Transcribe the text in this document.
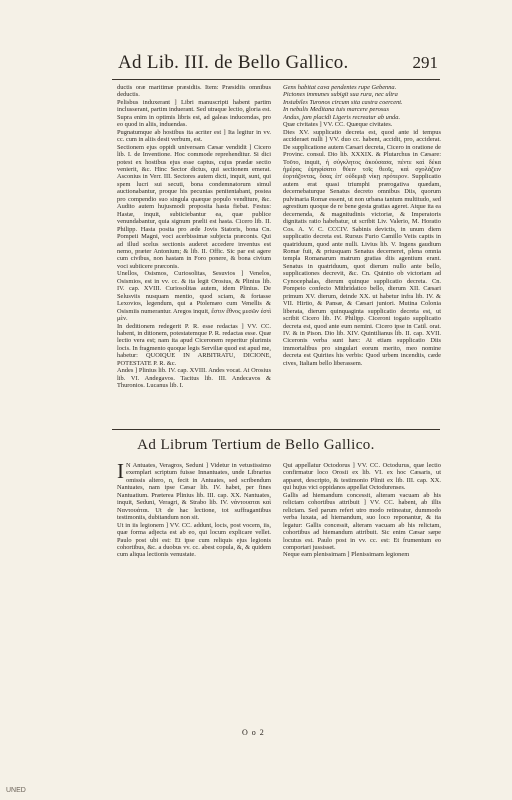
Ad Lib. III. de Bello Gallico.	291
ductis oræ maritimæ præsidiis. Item: Præsidiis omnibus deductis.
Pelisbus induxerant ] Libri manuscripti habent partim inclusserant, partim induerant. Sed utraque lectio, gloria est. Supra enim in optimis libris est, ad galeas inducendas, pro eo quod in aliis, induendas.
Pugnatumque ab hostibus ita acriter est ] Ita legitur in vv. cc. cum in aliis desit verbum, est.
Sectionem ejus oppidi universam Cæsar vendidit ] Cicero lib. I. de Inventione. Hoc commode reprehenditur. Si dici potest ex hostibus ejus esse captus, cujus prædæ sectio venierit, &c. Hinc Sector dictus, qui sectionem emerat. Asconius in Verr. III. Sectores autem dicti, inquit, sunt, qui spem lucri sui secuti, bona condemnatorum simul auctionabantur, proque his pecunias penitentabant, postea pro compendio suo singula quæque populo venditure, &c. Audito autem hujusmodi proposita hasta fiebat. Festus: Hastæ, inquit, subiiciebantur ea, quæ publice venundabantur, quia signum prælii est hasta. Cicero lib. II. Philipp. Hasta posita pro æde Jovis Statoris, bona Cn. Pompeii Magni, voci acerbissimæ subjecta præconis. Qui ad illud scelus sectionis auderet accedere inventus est nemo, præter Antonium; & lib. II. Offic. Sic par est agere cum civibus, non hastam in Foro ponere, & bona civium voci subiicere præconis.
Unellos, Osismos, Curiosolitas, Sesuvios ] Venelos, Osismios, est in vv. cc. & ita legit Orosius, & Plinius lib. IV. cap. XVIII. Curiosolitas autem, idem Plinius. De Selusviis nusquam mentio, quod sciam, & fortasse Lexovios, legendum, qui a Ptolemæo cum Venellis & Osismiis numerantur. Aregos inquit, ἔστιν ἔθνος μεσῶν ἐστὶ μὲν.
In deditionem redegerit P. R. esse redactas ] VV. CC. habent, in ditionem, potestatemque P. R. redactas esse. Quæ lectio vera est; nam ita apud Ciceronem reperitur plurimis locis. In fragmento quoque legis Serviliæ quod est apud me, habetur: QUOIQUE IN ARBITRATU, DICIONE, POTESTATE P. R. &c.
Andes ] Plinius lib. IV. cap. XVIII. Andes vocat. At Orosius lib. VI. Andegavos. Tacitus lib. III. Andecavos & Thuronios. Lucanus lib. I.

Gens habitat cava pendentes rupe Gebenna.
Pictones immunes subigit sua rura, nec ultra
Instabiles Turonos circum sita castra coercent.
In nebulis Meditana tuis marcere perosus
Andus, jam placidi Ligeris recreatur ab unda.

Quæ civitates ] VV. CC. Quæque civitates.
Dies XV. supplicatio decreta est, quod ante id tempus accideraet nulli ] VV. duo cc. habent, accidit, pro, acciderat. De supplicatione autem Cæsari decreta, Cicero in oratione de Provinc. consul. Dio lib. XXXIX. & Plutarchus in Cæsare: Τοῦτο, inquit, ἡ σύγκλητος ἀκούσασα, πέντε καὶ δέκα ἡμέρας ἐψηφίσατο θύειν τοῖς θεοῖς, καὶ σχολάζειν ἑορτάζοντας, ὅσας ἐπ' οὐδεμιᾷ νίκῃ πρότερον. Supplicatio autem erat quasi triumphi prærogativa quædam, decernebaturque Senatus decreto omnibus Diis, quorum pulvinaria Romæ essent, ut non urbana tantum multitudo, sed agrestium quoque de re bene gesta gratias ageret. Atque ita ea decernenda, & magnitudinis victoriæ, & Imperatoris dignitatis ratio habebatur, ut scribit Liv. Valerio, M. Horatio Cos. A. V. C. CCCIV. Sabinis devictis, in unum diem supplicatio decreta est. Rursus Furio Camillo Veiis captis in quatriduum, quod ante nulli. Livius lib. V. Ingens gaudium Romæ fuit, & priusquam Senatus decerneret, plena omnia templa Romanarum matrum gratias diis agentium erant. Senatus in quatriduum, quot dierum nullo ante bello, supplicationes decrevit, &c. Cn. Quintio ob victoriam ad Cynocephalas, dierum quinque supplicatio decreta. Cn. Pompeio confecto Mithridatico bello, dierum XII. Cæsari primum XV. dierum, deinde XX. ut habetur infra lib. IV. & VII. Hirtio, & Pansæ, & Cæsari juniori. Mutina Colonia liberata, dierum quinquaginta supplicatio decreta est, ut scribit Cicero lib. IV. Philipp. Ciceroni togato supplicatio decreta est, quod ante eum nemini. Cicero ipse in Catil. orat. IV. & in Pison. Dio lib. XIV. Quintilianus lib. II. cap. XVII. Ciceronis verba sunt hæc: At etiam supplicatio Diis immortalibus pro singulari eorum merito, meo nomine decreta est Quirites his verbis: Quod urbem incendiis, cæde cives, Italiam bello liberassem.

Ad Librum Tertium de Bello Gallico.
I N Antuates, Veragros, Seduni ] Videtur in vetustissimo exemplari scriptum fuisse Innantuates, unde Librarius omissis altero, n, fecit in Antuates, sed scribendum Nantuates, nam ipse Cæsar lib. IV. habet, per fines Nantuatium. Præterea Plinius lib. III. cap. XX. Nantuates, inquit, Seduni, Veragri, & Strabo lib. IV. νάντουαται καὶ Ναντουάται. Ut de hac lectione, tot suffragantibus testimoniis, dubitandum non sit.
Ut in iis legionem ] VV. CC. addunt, locis, post vocem, iis, quæ forma adjecta est ab eo, qui locum explicare vellet. Paulo post ubi est: Et ipse cum reliquis ejus legionis cohortibus, &c. a duobus vv. cc. abest copula, &, & quidem cum aliqua lectionis venustate.
Qui appellatur Octodorus ] VV. CC. Octodurus, quæ lectio confirmatur loco Orosii ex lib. VI. ex hoc Cæsaris, ut apparet, descripto, & testimonio Plinii ex lib. III. cap. XX. qui hujus vici oppidanos appellat Octodurenses.
Gallis ad hiemandum concessit, alteram vacuam ab his relictam cohortibus attribuit ] VV. CC. habent, ab illis relictam. Sed parum refert utro modo retineatur, dummodo verba luxata, ad hiemandum, suo loco reponantur, & ita legatur: Gallis concessit, alteram vacuam ab his relictam, cohortibus ad hiemandum attribuit. Sic enim Cæsar sæpe locutus est. Paulo post in vv. cc. est: Et frumentum eo comportari jussisset.
Neque eam plenissimam ] Plenissimam legionem
O o 2
UNED
